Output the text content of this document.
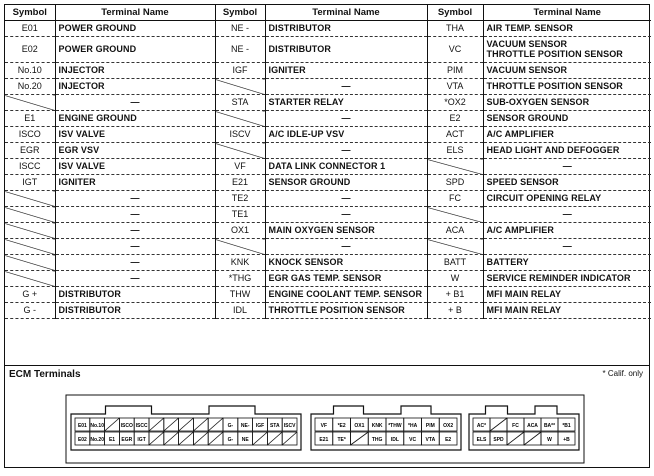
Symbol	Terminal Name	Symbol	Terminal Name	Symbol	Terminal Name
E01	POWER GROUND	NE -	DISTRIBUTOR	THA	AIR TEMP. SENSOR
E02	POWER GROUND	NE -	DISTRIBUTOR	VC	VACUUM SENSOR
THROTTLE POSITION SENSOR

No.10	INJECTOR	IGF	IGNITER	PIM	VACUUM SENSOR
No.20	INJECTOR		—	VTA	THROTTLE POSITION SENSOR
	—	STA	STARTER RELAY	*OX2	SUB-OXYGEN SENSOR
E1	ENGINE GROUND		—	E2	SENSOR GROUND
ISCO	ISV VALVE	ISCV	A/C IDLE-UP VSV	ACT	A/C AMPLIFIER
EGR	EGR VSV		—	ELS	HEAD LIGHT AND DEFOGGER
ISCC	ISV VALVE	VF	DATA LINK CONNECTOR 1		—
IGT	IGNITER	E21	SENSOR GROUND	SPD	SPEED SENSOR
	—	TE2	—	FC	CIRCUIT OPENING RELAY
	—	TE1	—		—
	—	OX1	MAIN OXYGEN SENSOR	ACA	A/C AMPLIFIER
	—		—		—
	—	KNK	KNOCK SENSOR	BATT	BATTERY
	—	*THG	EGR GAS TEMP. SENSOR	W	SERVICE REMINDER INDICATOR
G +	DISTRIBUTOR	THW	ENGINE COOLANT TEMP. SENSOR	+ B1	MFI MAIN RELAY
G -	DISTRIBUTOR	IDL	THROTTLE POSITION SENSOR	+ B	MFI MAIN RELAY
ECM Terminals	* Calif. only
E01 No.10	ISCO ISCC	G- NE- IGF STA ISCV
E02 No.20 E1 EGR IGT	G- NE
VF *E2 OX1 KNK *THW *HA PIM OX2
E21 TE*	THG IDL VC VTA E2
AC*	FC ACA BA** *B1
ELS SPD	W +B
